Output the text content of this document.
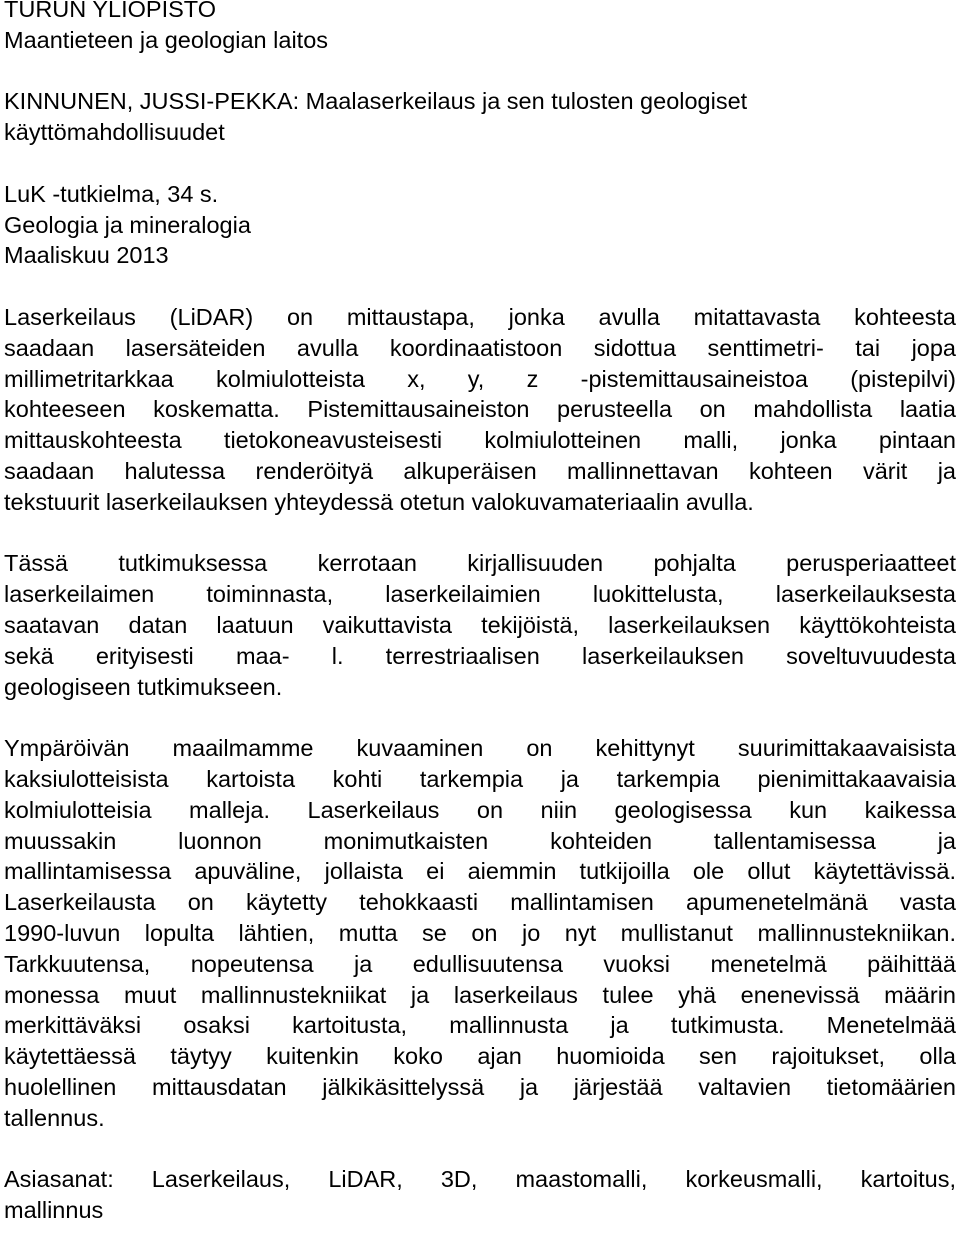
TURUN YLIOPISTO
Maantieteen ja geologian laitos
KINNUNEN, JUSSI-PEKKA: Maalaserkeilaus ja sen tulosten geologiset
käyttömahdollisuudet
LuK -tutkielma, 34 s.
Geologia ja mineralogia
Maaliskuu 2013
Laserkeilaus (LiDAR) on mittaustapa, jonka avulla mitattavasta kohteesta
saadaan lasersäteiden avulla koordinaatistoon sidottua senttimetri- tai jopa
millimetritarkkaa kolmiulotteista x, y, z -pistemittausaineistoa (pistepilvi)
kohteeseen koskematta. Pistemittausaineiston perusteella on mahdollista laatia
mittauskohteesta tietokoneavusteisesti kolmiulotteinen malli, jonka pintaan
saadaan halutessa renderöityä alkuperäisen mallinnettavan kohteen värit ja
tekstuurit laserkeilauksen yhteydessä otetun valokuvamateriaalin avulla.
Tässä tutkimuksessa kerrotaan kirjallisuuden pohjalta perusperiaatteet
laserkeilaimen toiminnasta, laserkeilaimien luokittelusta, laserkeilauksesta
saatavan datan laatuun vaikuttavista tekijöistä, laserkeilauksen käyttökohteista
sekä erityisesti maa- l. terrestriaalisen laserkeilauksen soveltuvuudesta
geologiseen tutkimukseen.
Ympäröivän maailmamme kuvaaminen on kehittynyt suurimittakaavaisista
kaksiulotteisista kartoista kohti tarkempia ja tarkempia pienimittakaavaisia
kolmiulotteisia malleja. Laserkeilaus on niin geologisessa kun kaikessa
muussakin luonnon monimutkaisten kohteiden tallentamisessa ja
mallintamisessa apuväline, jollaista ei aiemmin tutkijoilla ole ollut käytettävissä.
Laserkeilausta on käytetty tehokkaasti mallintamisen apumenetelmänä vasta
1990-luvun lopulta lähtien, mutta se on jo nyt mullistanut mallinnustekniikan.
Tarkkuutensa, nopeutensa ja edullisuutensa vuoksi menetelmä päihittää
monessa muut mallinnustekniikat ja laserkeilaus tulee yhä enenevissä määrin
merkittäväksi osaksi kartoitusta, mallinnusta ja tutkimusta. Menetelmää
käytettäessä täytyy kuitenkin koko ajan huomioida sen rajoitukset, olla
huolellinen mittausdatan jälkikäsittelyssä ja järjestää valtavien tietomäärien
tallennus.
Asiasanat: Laserkeilaus, LiDAR, 3D, maastomalli, korkeusmalli, kartoitus,
mallinnus
